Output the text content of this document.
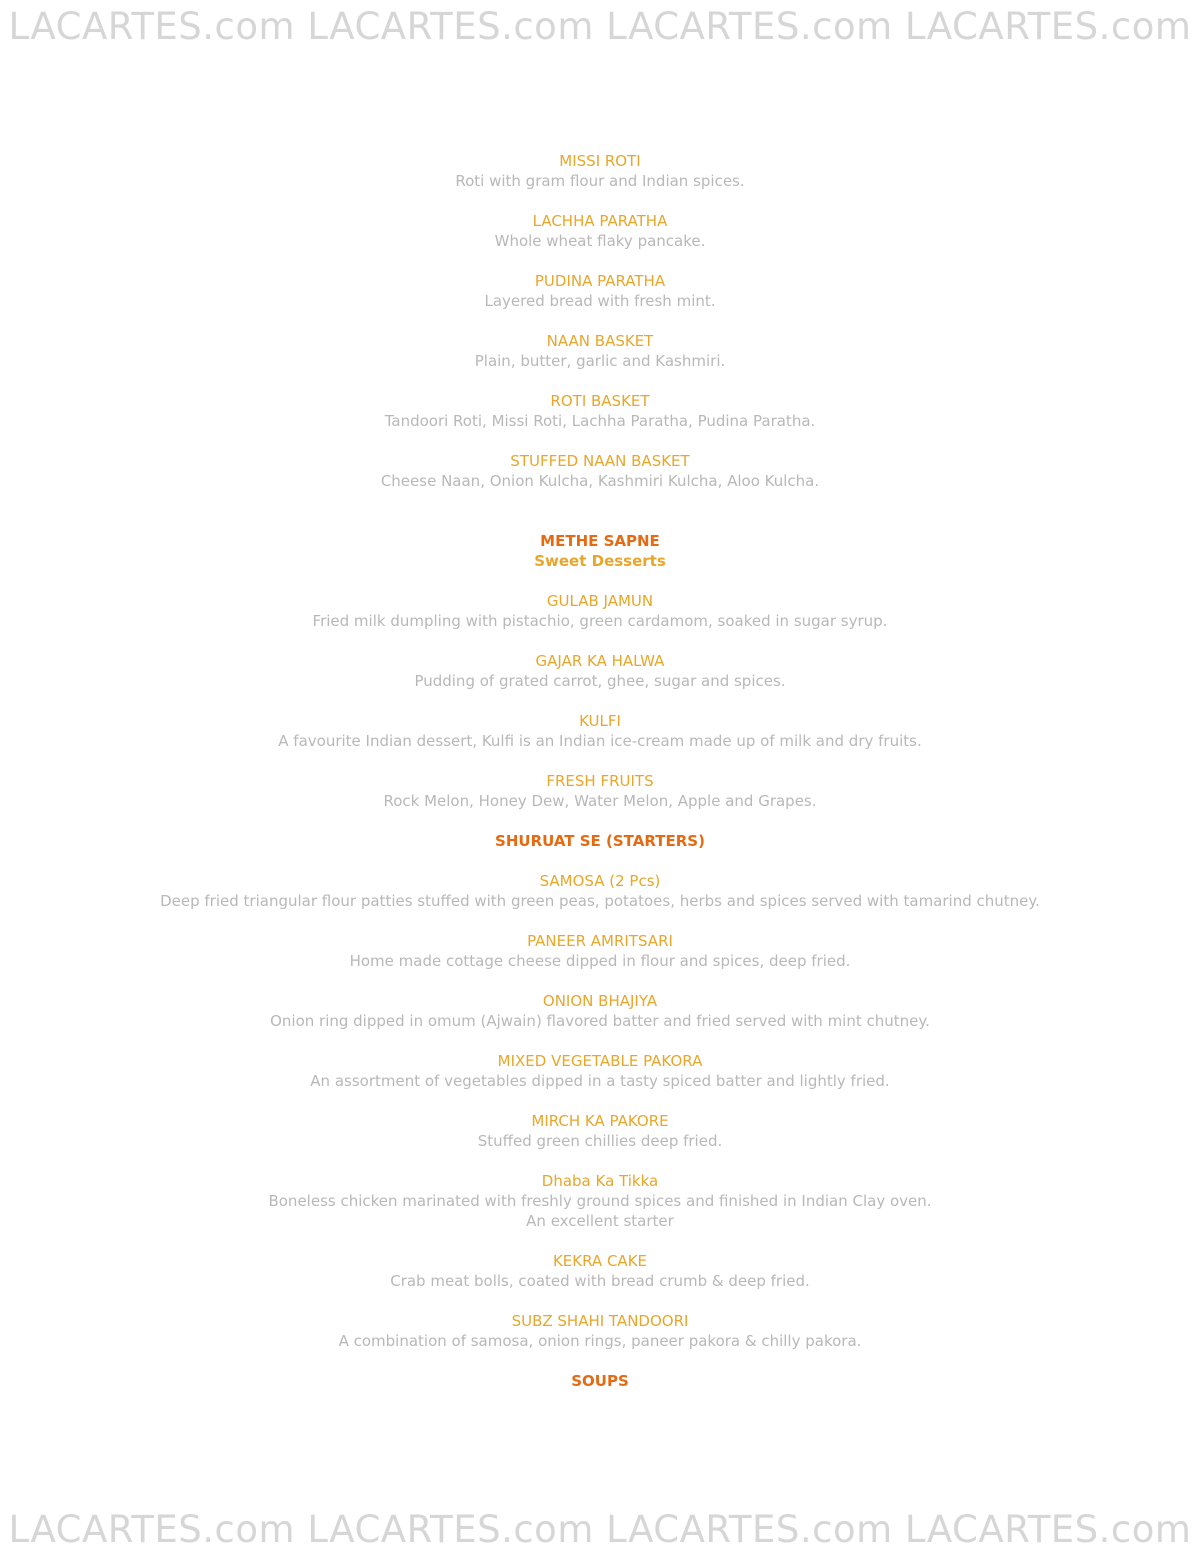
LACARTES.com LACARTES.com LACARTES.com LACARTES.com
MISSI ROTI
Roti with gram flour and Indian spices.
LACHHA PARATHA
Whole wheat flaky pancake.
PUDINA PARATHA
Layered bread with fresh mint.
NAAN BASKET
Plain, butter, garlic and Kashmiri.
ROTI BASKET
Tandoori Roti, Missi Roti, Lachha Paratha, Pudina Paratha.
STUFFED NAAN BASKET
Cheese Naan, Onion Kulcha, Kashmiri Kulcha, Aloo Kulcha.
METHE SAPNE
Sweet Desserts
GULAB JAMUN
Fried milk dumpling with pistachio, green cardamom, soaked in sugar syrup.
GAJAR KA HALWA
Pudding of grated carrot, ghee, sugar and spices.
KULFI
A favourite Indian dessert, Kulfi is an Indian ice-cream made up of milk and dry fruits.
FRESH FRUITS
Rock Melon, Honey Dew, Water Melon, Apple and Grapes.
SHURUAT SE (STARTERS)
SAMOSA (2 Pcs)
Deep fried triangular flour patties stuffed with green peas, potatoes, herbs and spices served with tamarind chutney.
PANEER AMRITSARI
Home made cottage cheese dipped in flour and spices, deep fried.
ONION BHAJIYA
Onion ring dipped in omum (Ajwain) flavored batter and fried served with mint chutney.
MIXED VEGETABLE PAKORA
An assortment of vegetables dipped in a tasty spiced batter and lightly fried.
MIRCH KA PAKORE
Stuffed green chillies deep fried.
Dhaba Ka Tikka
Boneless chicken marinated with freshly ground spices and finished in Indian Clay oven.
An excellent starter
KEKRA CAKE
Crab meat bolls, coated with bread crumb & deep fried.
SUBZ SHAHI TANDOORI
A combination of samosa, onion rings, paneer pakora & chilly pakora.
SOUPS
LACARTES.com LACARTES.com LACARTES.com LACARTES.com
